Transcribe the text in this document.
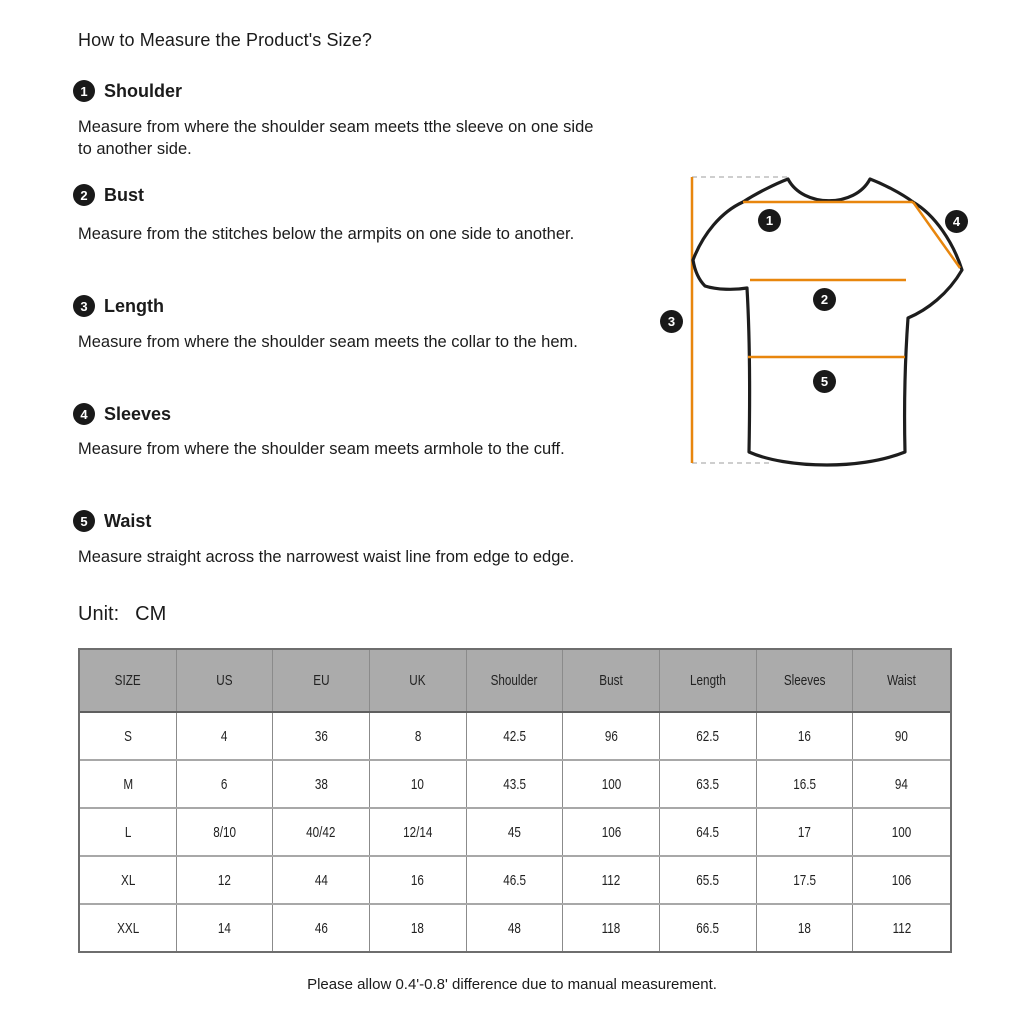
How to Measure the Product's Size?
1 Shoulder
Measure from where the shoulder seam meets tthe sleeve on one side to another side.
2 Bust
Measure from the stitches below the armpits on one side to another.
3 Length
Measure from where the shoulder seam meets the collar to the hem.
4 Sleeves
Measure from where the shoulder seam meets armhole to the cuff.
5 Waist
Measure straight across the narrowest waist line from edge to edge.
Unit: CM
1
2
3
4
5
SIZE	US	EU	UK	Shoulder	Bust	Length	Sleeves	Waist
S	4	36	8	42.5	96	62.5	16	90
M	6	38	10	43.5	100	63.5	16.5	94
L	8/10	40/42	12/14	45	106	64.5	17	100
XL	12	44	16	46.5	112	65.5	17.5	106
XXL	14	46	18	48	118	66.5	18	112
Please allow 0.4'-0.8' difference due to manual measurement.
